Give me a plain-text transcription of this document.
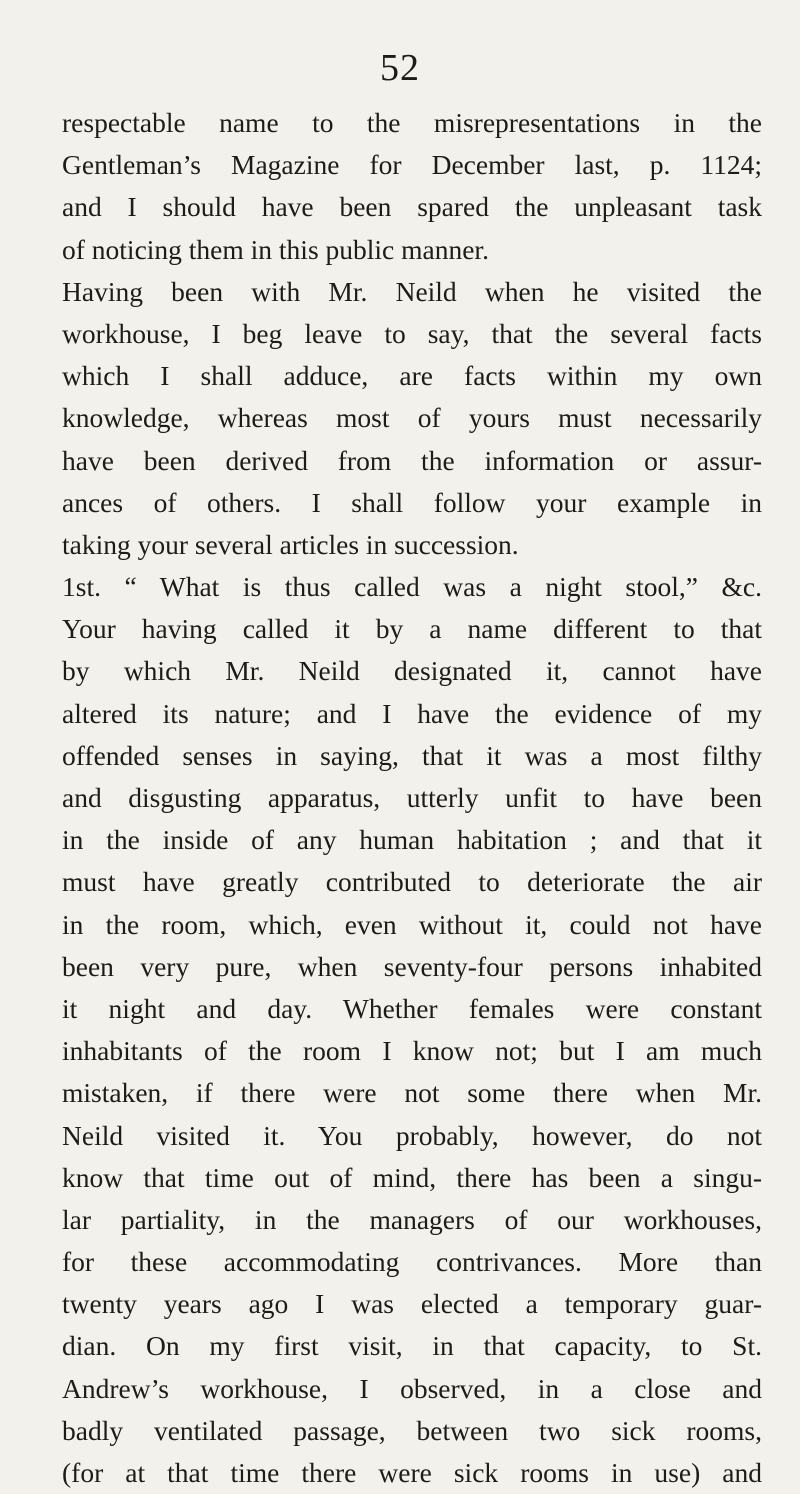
52
respectable name to the misrepresentations in the
Gentleman’s Magazine for December last, p. 1124;
and I should have been spared the unpleasant task
of noticing them in this public manner.
Having been with Mr. Neild when he visited the
workhouse, I beg leave to say, that the several facts
which I shall adduce, are facts within my own
knowledge, whereas most of yours must necessarily
have been derived from the information or assur-
ances of others. I shall follow your example in
taking your several articles in succession.
1st. “ What is thus called was a night stool,” &c.
Your having called it by a name different to that
by which Mr. Neild designated it, cannot have
altered its nature; and I have the evidence of my
offended senses in saying, that it was a most filthy
and disgusting apparatus, utterly unfit to have been
in the inside of any human habitation ; and that it
must have greatly contributed to deteriorate the air
in the room, which, even without it, could not have
been very pure, when seventy-four persons inhabited
it night and day. Whether females were constant
inhabitants of the room I know not; but I am much
mistaken, if there were not some there when Mr.
Neild visited it. You probably, however, do not
know that time out of mind, there has been a singu-
lar partiality, in the managers of our workhouses,
for these accommodating contrivances. More than
twenty years ago I was elected a temporary guar-
dian. On my first visit, in that capacity, to St.
Andrew’s workhouse, I observed, in a close and
badly ventilated passage, between two sick rooms,
(for at that time there were sick rooms in use) and
